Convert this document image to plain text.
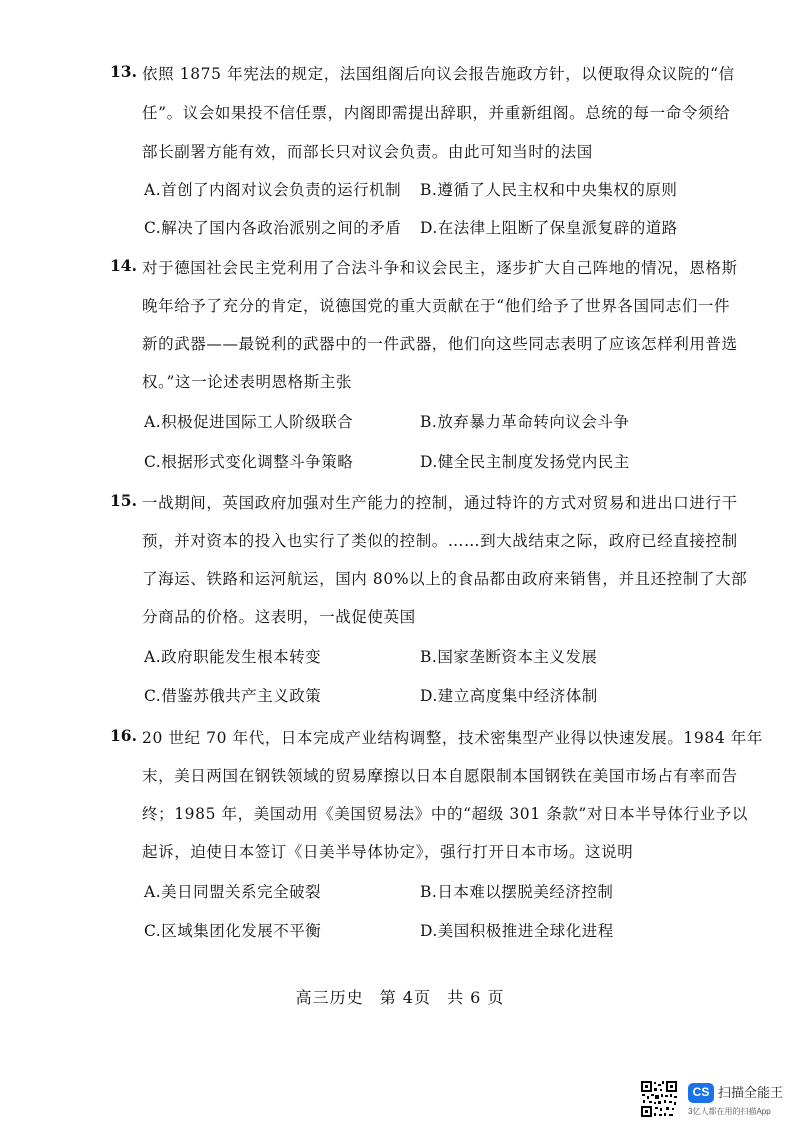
13. 依照 1875 年宪法的规定，法国组阁后向议会报告施政方针，以便取得众议院的“信
任”。议会如果投不信任票，内阁即需提出辞职，并重新组阁。总统的每一命令须给
部长副署方能有效，而部长只对议会负责。由此可知当时的法国
A.首创了内阁对议会负责的运行机制 B.遵循了人民主权和中央集权的原则
C.解决了国内各政治派别之间的矛盾 D.在法律上阻断了保皇派复辟的道路
14. 对于德国社会民主党利用了合法斗争和议会民主，逐步扩大自己阵地的情况，恩格斯
晚年给予了充分的肯定，说德国党的重大贡献在于“他们给予了世界各国同志们一件
新的武器——最锐利的武器中的一件武器，他们向这些同志表明了应该怎样利用普选
权。”这一论述表明恩格斯主张
A.积极促进国际工人阶级联合	B.放弃暴力革命转向议会斗争
C.根据形式变化调整斗争策略	D.健全民主制度发扬党内民主
15. 一战期间，英国政府加强对生产能力的控制，通过特许的方式对贸易和进出口进行干
预，并对资本的投入也实行了类似的控制。……到大战结束之际，政府已经直接控制
了海运、铁路和运河航运，国内 80%以上的食品都由政府来销售，并且还控制了大部
分商品的价格。这表明，一战促使英国
A.政府职能发生根本转变	B.国家垄断资本主义发展
C.借鉴苏俄共产主义政策	D.建立高度集中经济体制
16. 20 世纪 70 年代，日本完成产业结构调整，技术密集型产业得以快速发展。1984 年年
末，美日两国在钢铁领域的贸易摩擦以日本自愿限制本国钢铁在美国市场占有率而告
终；1985 年，美国动用《美国贸易法》中的“超级 301 条款”对日本半导体行业予以
起诉，迫使日本签订《日美半导体协定》，强行打开日本市场。这说明
A.美日同盟关系完全破裂	B.日本难以摆脱美经济控制
C.区域集团化发展不平衡	D.美国积极推进全球化进程
高三历史 第 4页 共 6 页
CS
扫描全能王
3亿人都在用的扫描App
